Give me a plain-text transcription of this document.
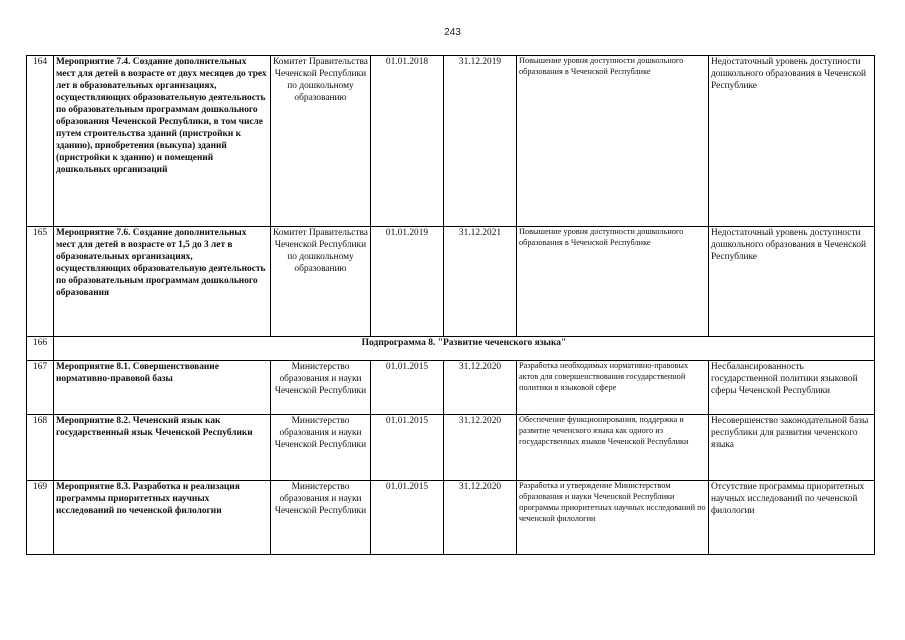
243
164	Мероприятие 7.4. Создание дополнительных мест для детей в возрасте от двух месяцев до трех лет в образовательных организациях, осуществляющих образовательную деятельность по образовательным программам дошкольного образования Чеченской Республики, в том числе путем строительства зданий (пристройки к зданию), приобретения (выкупа) зданий (пристройки к зданию) и помещений дошкольных организаций	Комитет Правительства Чеченской Республики по дошкольному образованию	01.01.2018	31.12.2019	Повышение уровня доступности дошкольного образования в Чеченской Республике	Недостаточный уровень доступности дошкольного образования в Чеченской Республике
165	Мероприятие 7.6. Создание дополнительных мест для детей в возрасте от 1,5 до 3 лет в образовательных организациях, осуществляющих образовательную деятельность по образовательным программам дошкольного образования	Комитет Правительства Чеченской Республики по дошкольному образованию	01.01.2019	31.12.2021	Повышение уровня доступности дошкольного образования в Чеченской Республике	Недостаточный уровень доступности дошкольного образования в Чеченской Республике
166	Подпрограмма 8. "Развитие чеченского языка"					
167	Мероприятие 8.1. Совершенствование нормативно-правовой базы	Министерство образования и науки Чеченской Республики	01.01.2015	31.12.2020	Разработка необходимых нормативно-правовых актов для совершенствования государственной политики в языковой сфере	Несбалансированность государственной политики языковой сферы Чеченской Республики
168	Мероприятие 8.2. Чеченский язык как государственный язык Чеченской Республики	Министерство образования и науки Чеченской Республики	01.01.2015	31.12.2020	Обеспечение функционирования, поддержка и развитие чеченского языка как одного из государственных языков Чеченской Республики	Несовершенство законодательной базы республики для развития чеченского языка
169	Мероприятие 8.3. Разработка и реализация программы приоритетных научных исследований по чеченской филологии	Министерство образования и науки Чеченской Республики	01.01.2015	31.12.2020	Разработка и утверждение Министерством образования и науки Чеченской Республики программы приоритетных научных исследований по чеченской филологии	Отсутствие программы приоритетных научных исследований по чеченской филологии
